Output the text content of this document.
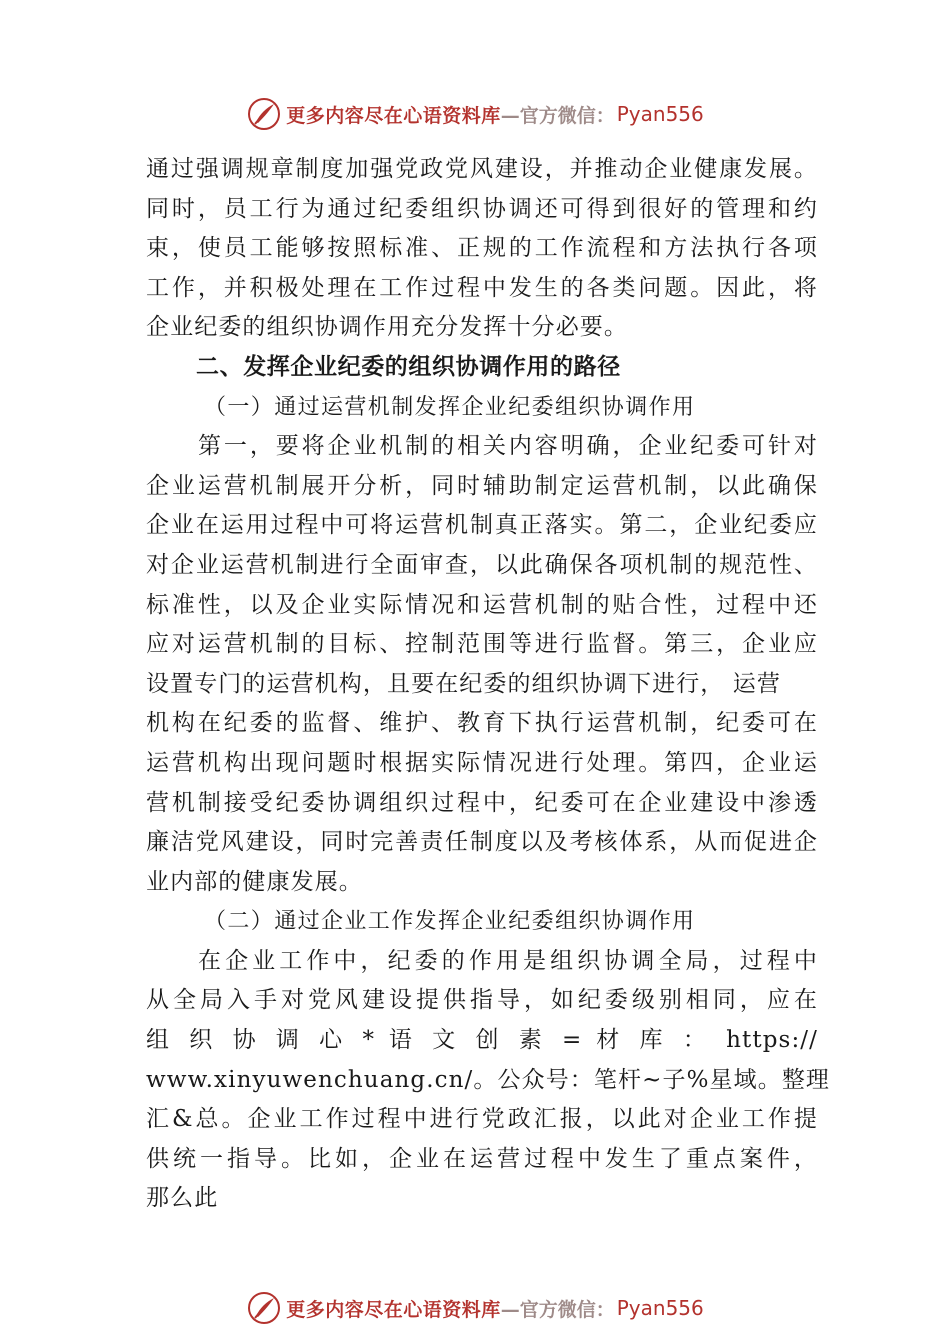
更多内容尽在心语资料库 —官方微信： Pyan556
通过强调规章制度加强党政党风建设，并推动企业健康发展。
同时，员工行为通过纪委组织协调还可得到很好的管理和约
束，使员工能够按照标准、正规的工作流程和方法执行各项
工作，并积极处理在工作过程中发生的各类问题。因此，将
企业纪委的组织协调作用充分发挥十分必要。
二、发挥企业纪委的组织协调作用的路径
（一）通过运营机制发挥企业纪委组织协调作用
第一，要将企业机制的相关内容明确，企业纪委可针对
企业运营机制展开分析，同时辅助制定运营机制，以此确保
企业在运用过程中可将运营机制真正落实。第二，企业纪委应
对企业运营机制进行全面审查，以此确保各项机制的规范性、
标准性，以及企业实际情况和运营机制的贴合性，过程中还
应对运营机制的目标、控制范围等进行监督。第三，企业应
设置专门的运营机构，且要在纪委的组织协调下进行， 运营
机构在纪委的监督、维护、教育下执行运营机制，纪委可在
运营机构出现问题时根据实际情况进行处理。第四，企业运
营机制接受纪委协调组织过程中，纪委可在企业建设中渗透
廉洁党风建设，同时完善责任制度以及考核体系，从而促进企
业内部的健康发展。
（二）通过企业工作发挥企业纪委组织协调作用
在企业工作中，纪委的作用是组织协调全局，过程中
从全局入手对党风建设提供指导，如纪委级别相同，应在
组 织 协 调 心 * 语 文 创 素 = 材 库 ： https://
www.xinyuwenchuang.cn/。公众号：笔杆~子%星域。整理
汇&总。企业工作过程中进行党政汇报，以此对企业工作提
供统一指导。比如，企业在运营过程中发生了重点案件，
那么此
更多内容尽在心语资料库 —官方微信： Pyan556
